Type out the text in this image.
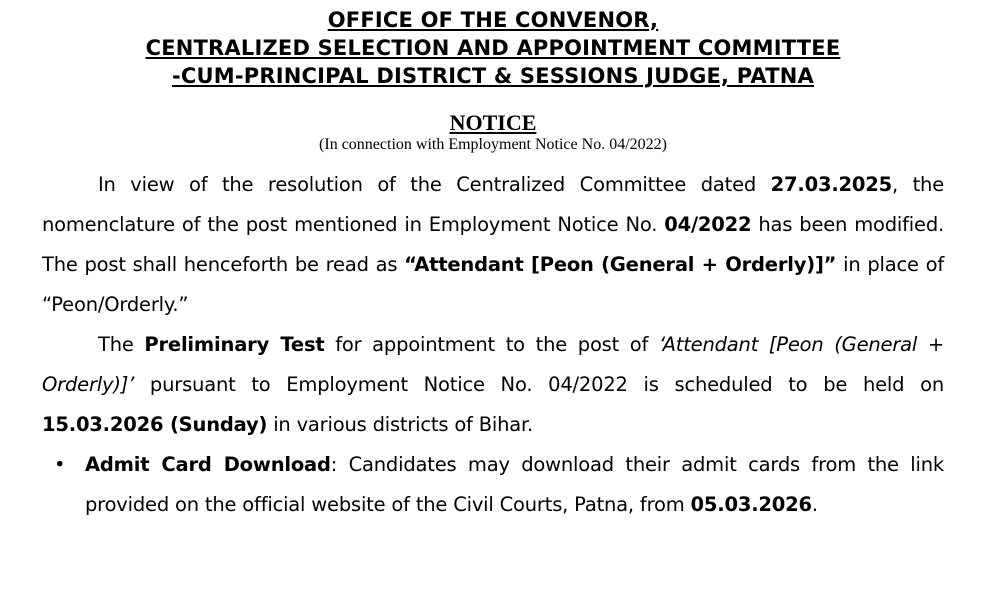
OFFICE OF THE CONVENOR,
CENTRALIZED SELECTION AND APPOINTMENT COMMITTEE
-CUM-PRINCIPAL DISTRICT & SESSIONS JUDGE, PATNA
NOTICE
(In connection with Employment Notice No. 04/2022)

In view of the resolution of the Centralized Committee dated 27.03.2025, the nomenclature of the post mentioned in Employment Notice No. 04/2022 has been modified. The post shall henceforth be read as “Attendant [Peon (General + Orderly)]” in place of “Peon/Orderly.”

The Preliminary Test for appointment to the post of ‘Attendant [Peon (General + Orderly)]’ pursuant to Employment Notice No. 04/2022 is scheduled to be held on 15.03.2026 (Sunday) in various districts of Bihar.

• Admit Card Download: Candidates may download their admit cards from the link provided on the official website of the Civil Courts, Patna, from 05.03.2026.
